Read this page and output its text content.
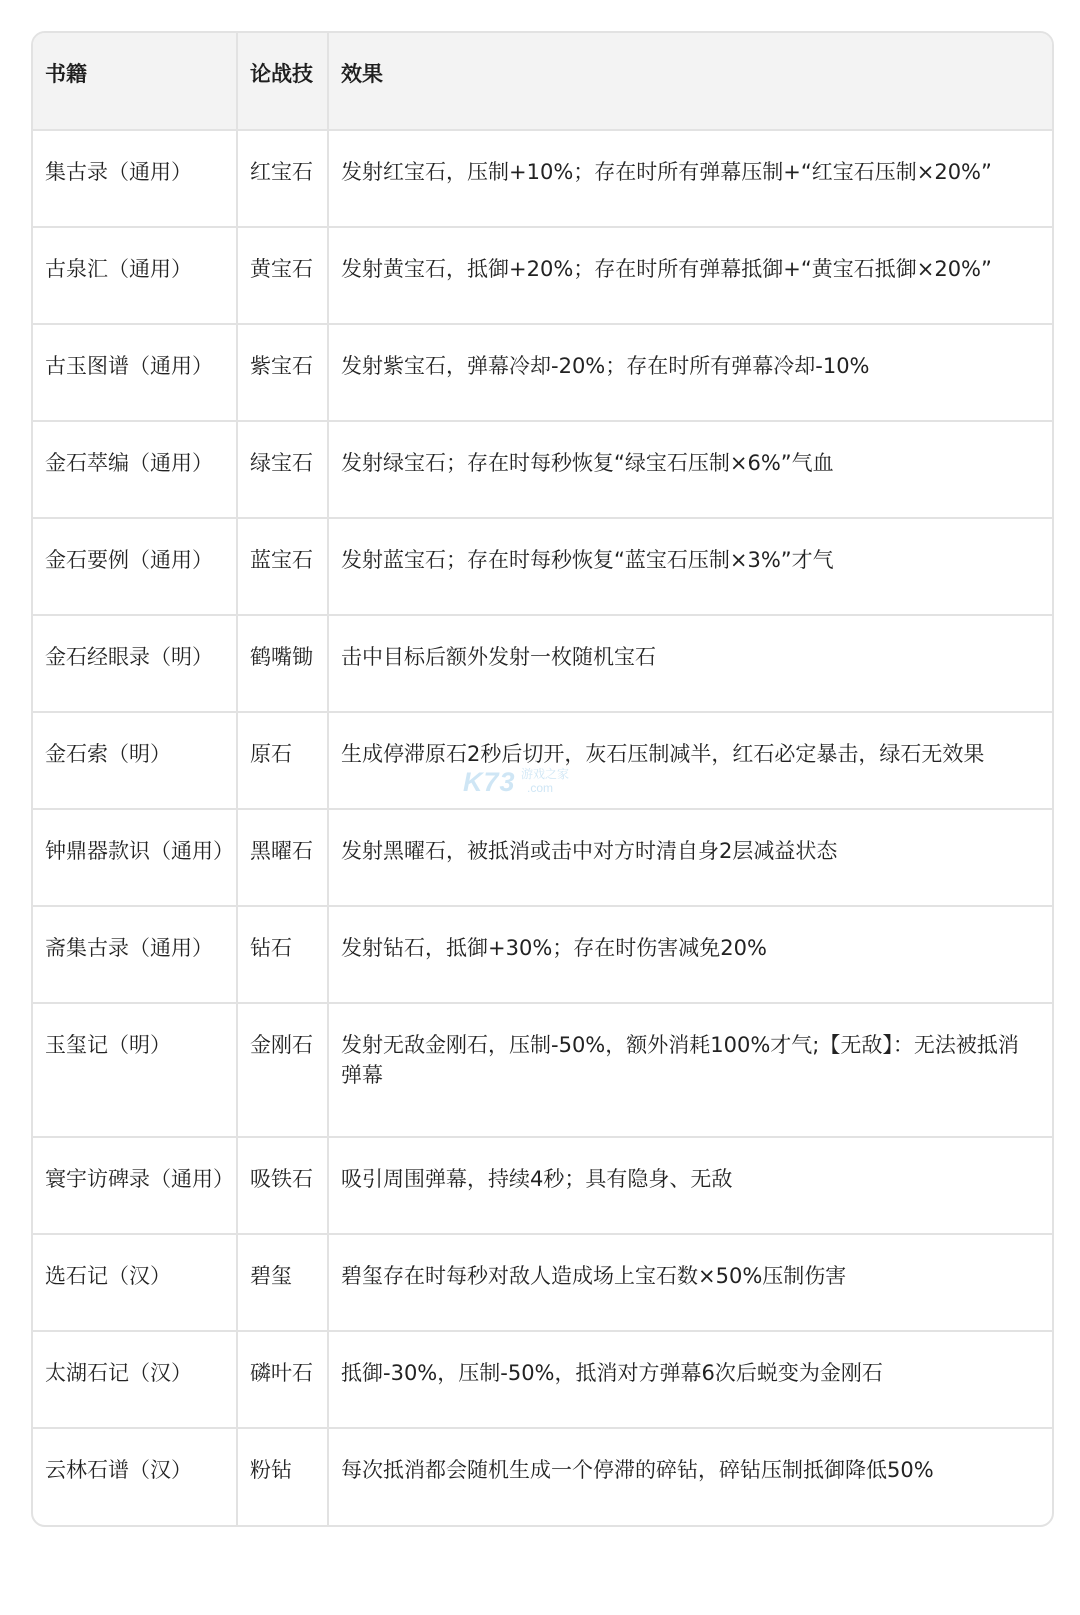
书籍	论战技	效果
集古录（通用）	红宝石	发射红宝石，压制+10%；存在时所有弹幕压制+“红宝石压制×20%”
古泉汇（通用）	黄宝石	发射黄宝石，抵御+20%；存在时所有弹幕抵御+“黄宝石抵御×20%”
古玉图谱（通用）	紫宝石	发射紫宝石，弹幕冷却-20%；存在时所有弹幕冷却-10%
金石萃编（通用）	绿宝石	发射绿宝石；存在时每秒恢复“绿宝石压制×6%”气血
金石要例（通用）	蓝宝石	发射蓝宝石；存在时每秒恢复“蓝宝石压制×3%”才气
金石经眼录（明）	鹤嘴锄	击中目标后额外发射一枚随机宝石
金石索（明）	原石	生成停滞原石2秒后切开，灰石压制减半，红石必定暴击，绿石无效果
钟鼎器款识（通用）	黑曜石	发射黑曜石，被抵消或击中对方时清自身2层减益状态
斋集古录（通用）	钻石	发射钻石，抵御+30%；存在时伤害减免20%
玉玺记（明）	金刚石	发射无敌金刚石，压制-50%，额外消耗100%才气;【无敌】：无法被抵消弹幕
寰宇访碑录（通用）	吸铁石	吸引周围弹幕，持续4秒；具有隐身、无敌
选石记（汉）	碧玺	碧玺存在时每秒对敌人造成场上宝石数×50%压制伤害
太湖石记（汉）	磷叶石	抵御-30%，压制-50%，抵消对方弹幕6次后蜕变为金刚石
云林石谱（汉）	粉钻	每次抵消都会随机生成一个停滞的碎钻，碎钻压制抵御降低50%
K73 游戏之家
.com
